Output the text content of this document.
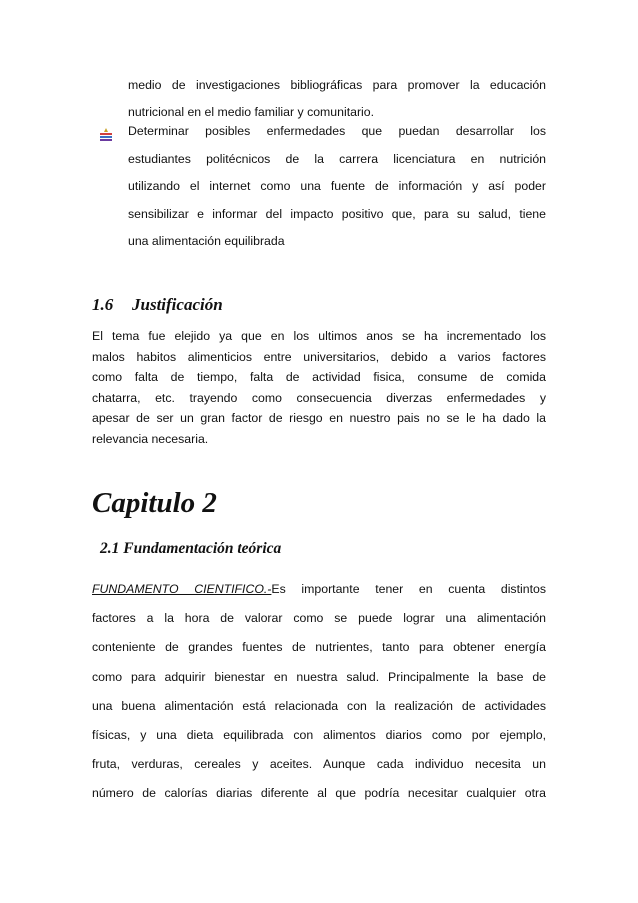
medio de investigaciones bibliográficas para promover la educación
nutricional en el medio familiar y comunitario.
Determinar posibles enfermedades que puedan desarrollar los
estudiantes politécnicos de la carrera licenciatura en nutrición
utilizando el internet como una fuente de información y así poder
sensibilizar e informar del impacto positivo que, para su salud, tiene
una alimentación equilibrada
1.6 Justificación
El tema fue elejido ya que en los ultimos anos se ha incrementado los
malos habitos alimenticios entre universitarios, debido a varios factores
como falta de tiempo, falta de actividad fisica, consume de comida
chatarra, etc. trayendo como consecuencia diverzas enfermedades y
apesar de ser un gran factor de riesgo en nuestro pais no se le ha dado la
relevancia necesaria.
Capitulo 2
2.1 Fundamentación teórica
FUNDAMENTO CIENTIFICO.-Es importante tener en cuenta distintos
factores a la hora de valorar como se puede lograr una alimentación
conteniente de grandes fuentes de nutrientes, tanto para obtener energía
como para adquirir bienestar en nuestra salud. Principalmente la base de
una buena alimentación está relacionada con la realización de actividades
físicas, y una dieta equilibrada con alimentos diarios como por ejemplo,
fruta, verduras, cereales y aceites. Aunque cada individuo necesita un
número de calorías diarias diferente al que podría necesitar cualquier otra
